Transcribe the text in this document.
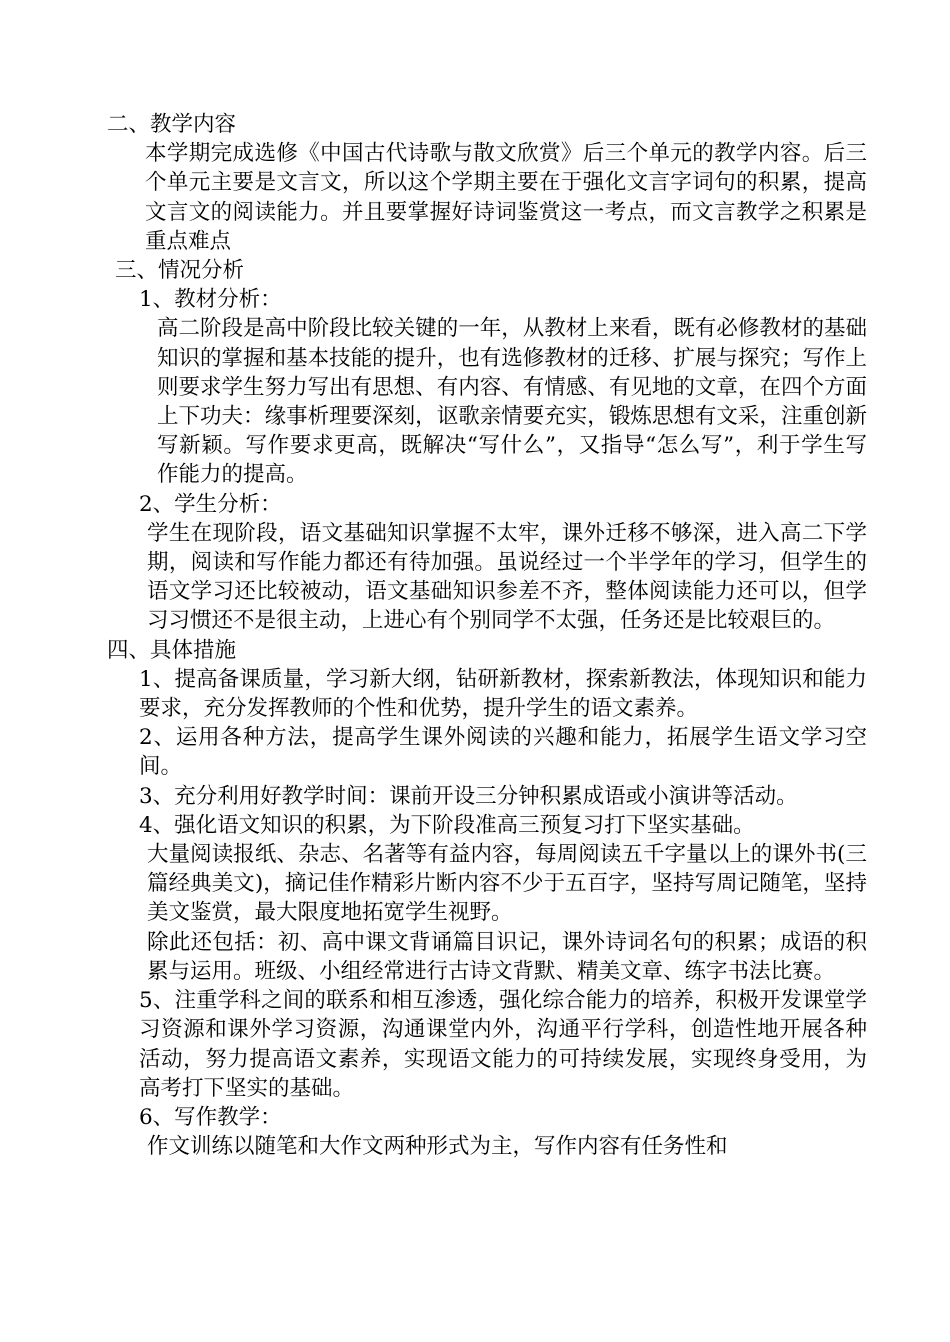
二、教学内容

本学期完成选修《中国古代诗歌与散文欣赏》后三个单元的教学内容。后三个单元主要是文言文，所以这个学期主要在于强化文言字词句的积累，提高文言文的阅读能力。并且要掌握好诗词鉴赏这一考点，而文言教学之积累是重点难点

三、情况分析

1、教材分析：

高二阶段是高中阶段比较关键的一年，从教材上来看，既有必修教材的基础知识的掌握和基本技能的提升，也有选修教材的迁移、扩展与探究；写作上则要求学生努力写出有思想、有内容、有情感、有见地的文章，在四个方面上下功夫：缘事析理要深刻，讴歌亲情要充实，锻炼思想有文采，注重创新写新颖。写作要求更高，既解决“写什么”，又指导“怎么写”，利于学生写作能力的提高。

2、学生分析：

学生在现阶段，语文基础知识掌握不太牢，课外迁移不够深，进入高二下学期，阅读和写作能力都还有待加强。虽说经过一个半学年的学习，但学生的语文学习还比较被动，语文基础知识参差不齐，整体阅读能力还可以，但学习习惯还不是很主动，上进心有个别同学不太强，任务还是比较艰巨的。

四、具体措施

1、提高备课质量，学习新大纲，钻研新教材，探索新教法，体现知识和能力要求，充分发挥教师的个性和优势，提升学生的语文素养。

2、运用各种方法，提高学生课外阅读的兴趣和能力，拓展学生语文学习空间。

3、充分利用好教学时间：课前开设三分钟积累成语或小演讲等活动。

4、强化语文知识的积累，为下阶段准高三预复习打下坚实基础。

大量阅读报纸、杂志、名著等有益内容，每周阅读五千字量以上的课外书(三篇经典美文)，摘记佳作精彩片断内容不少于五百字，坚持写周记随笔，坚持美文鉴赏，最大限度地拓宽学生视野。

除此还包括：初、高中课文背诵篇目识记，课外诗词名句的积累；成语的积累与运用。班级、小组经常进行古诗文背默、精美文章、练字书法比赛。

5、注重学科之间的联系和相互渗透，强化综合能力的培养，积极开发课堂学习资源和课外学习资源，沟通课堂内外，沟通平行学科，创造性地开展各种活动，努力提高语文素养，实现语文能力的可持续发展，实现终身受用，为高考打下坚实的基础。

6、写作教学：

作文训练以随笔和大作文两种形式为主，写作内容有任务性和
